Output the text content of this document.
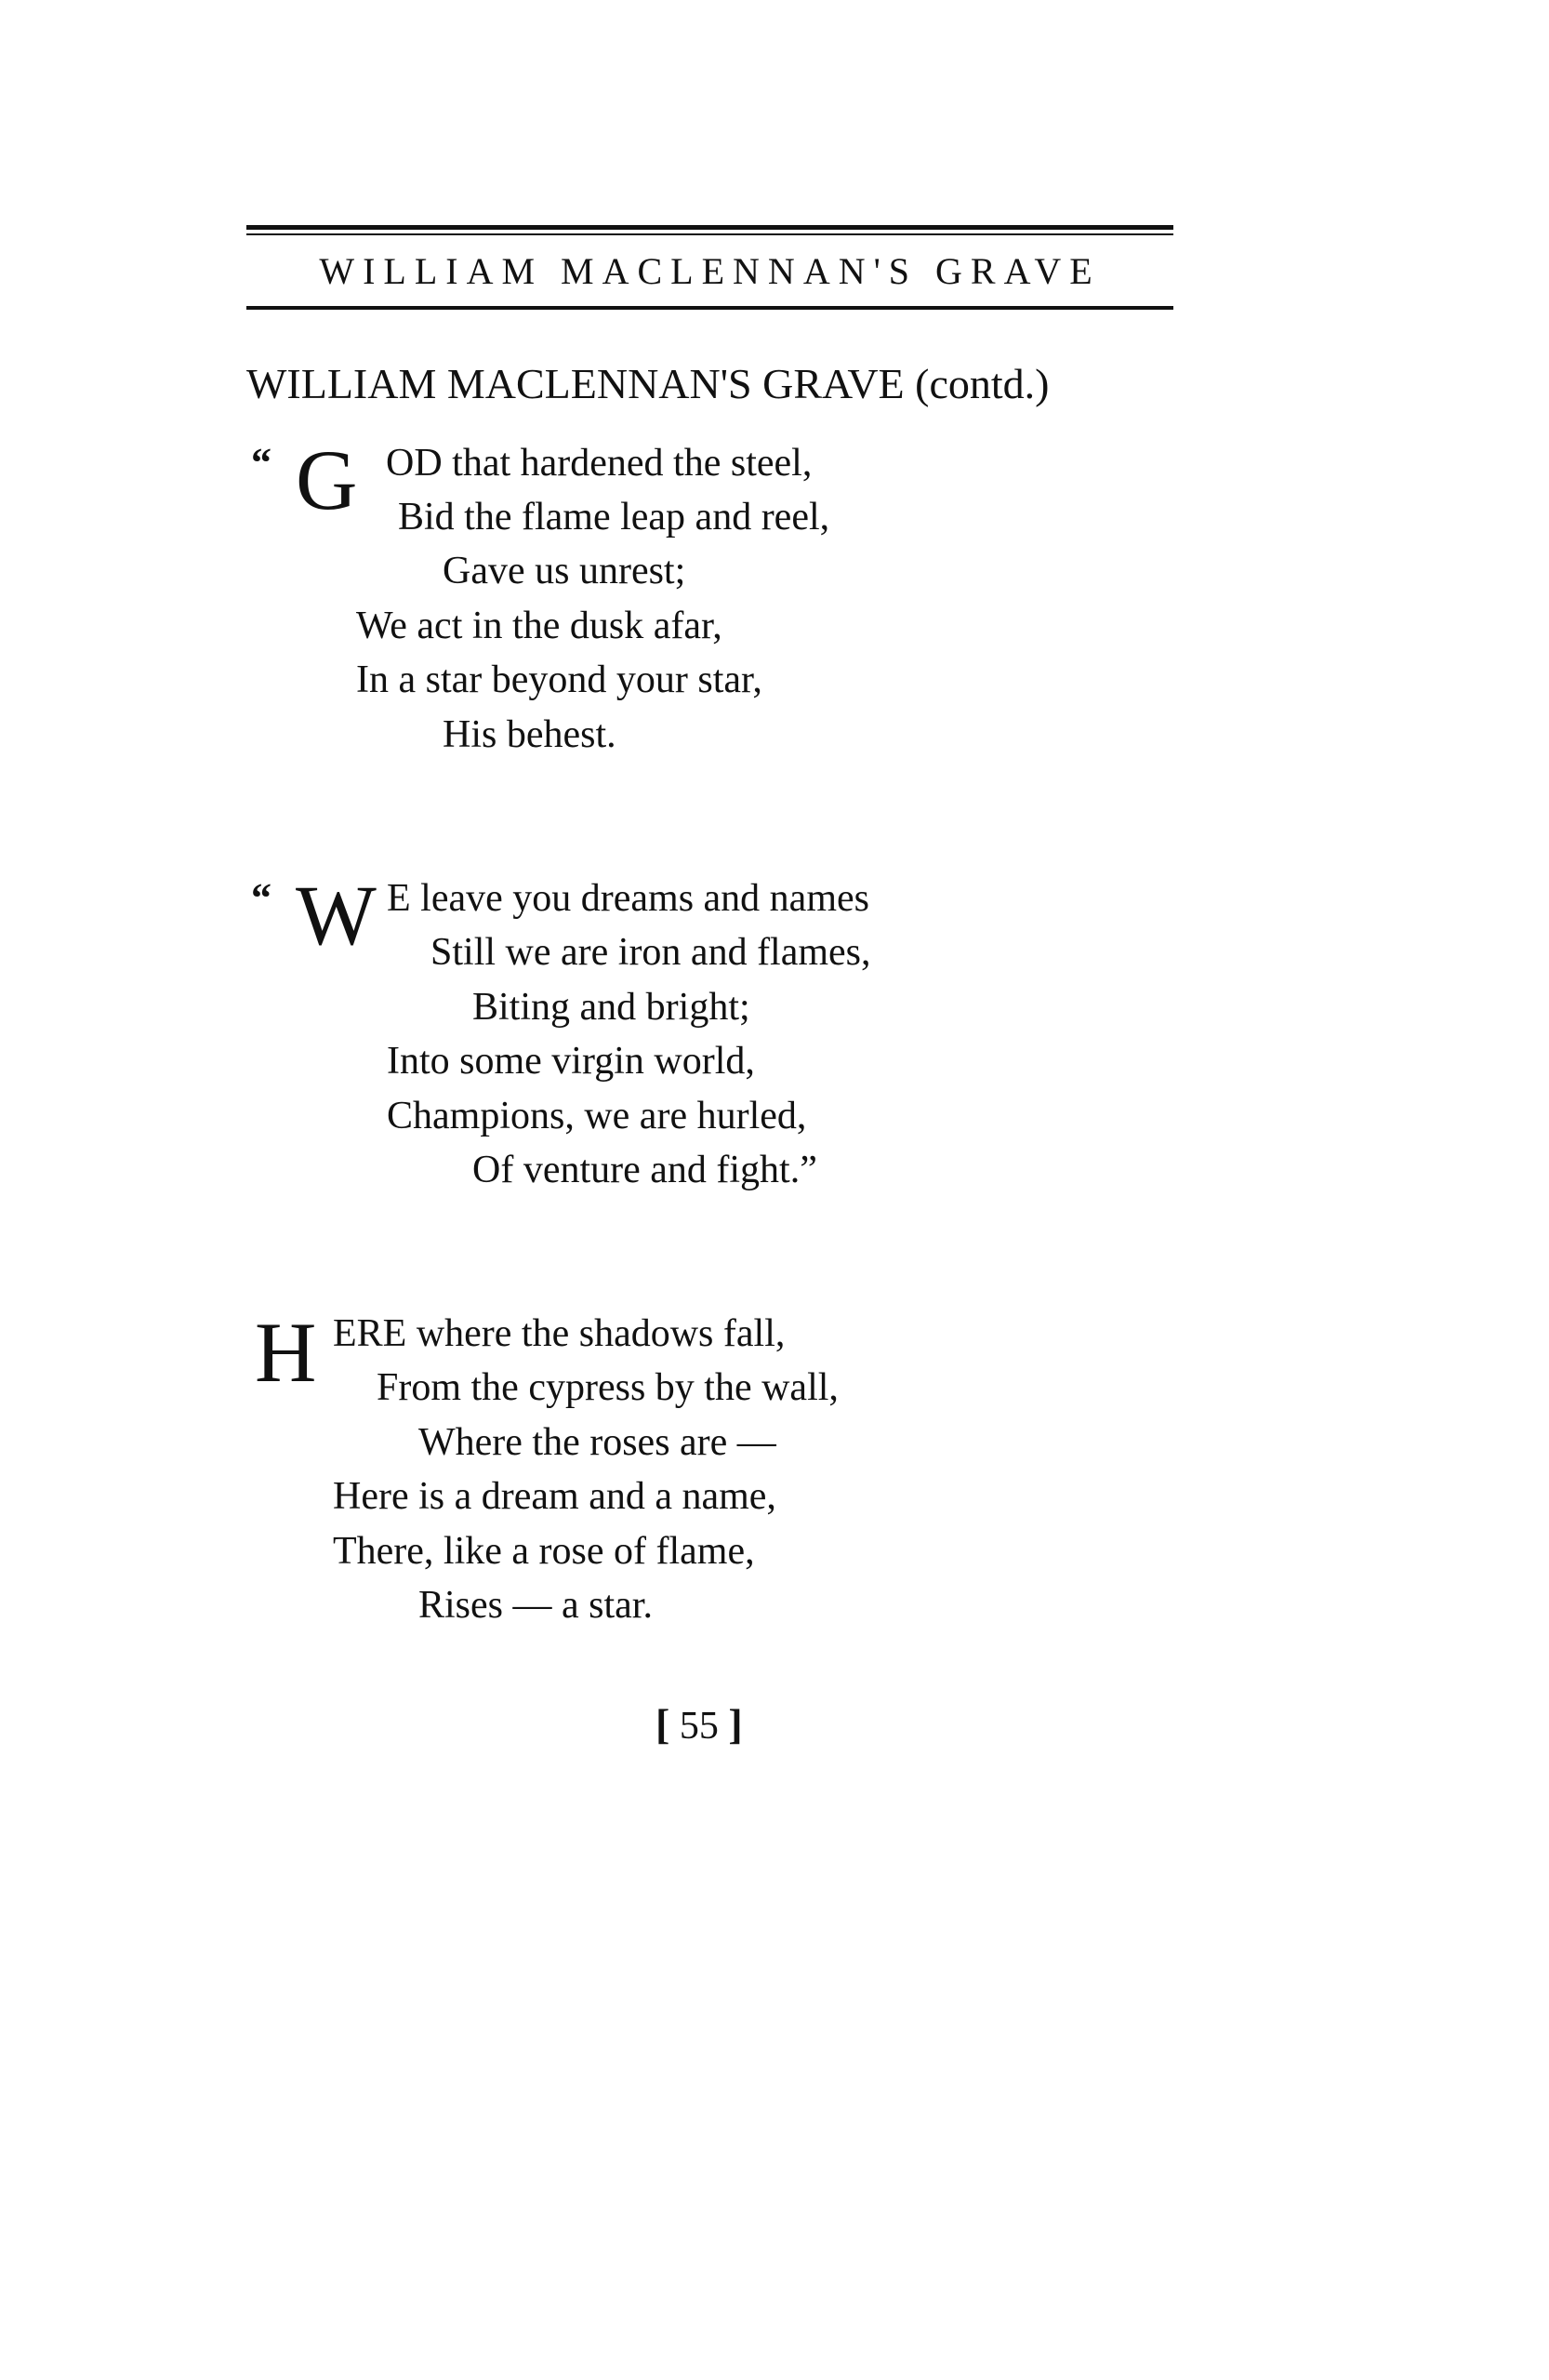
WILLIAM MACLENNAN'S GRAVE
WILLIAM MACLENNAN'S GRAVE (contd.)
“ G OD that hardened the steel,
Bid the flame leap and reel,
Gave us unrest;
We act in the dusk afar,
In a star beyond your star,
His behest.
“ W E leave you dreams and names
Still we are iron and flames,
Biting and bright;
Into some virgin world,
Champions, we are hurled,
Of venture and fight.”
H ERE where the shadows fall,
From the cypress by the wall,
Where the roses are —
Here is a dream and a name,
There, like a rose of flame,
Rises — a star.
[ 55 ]
